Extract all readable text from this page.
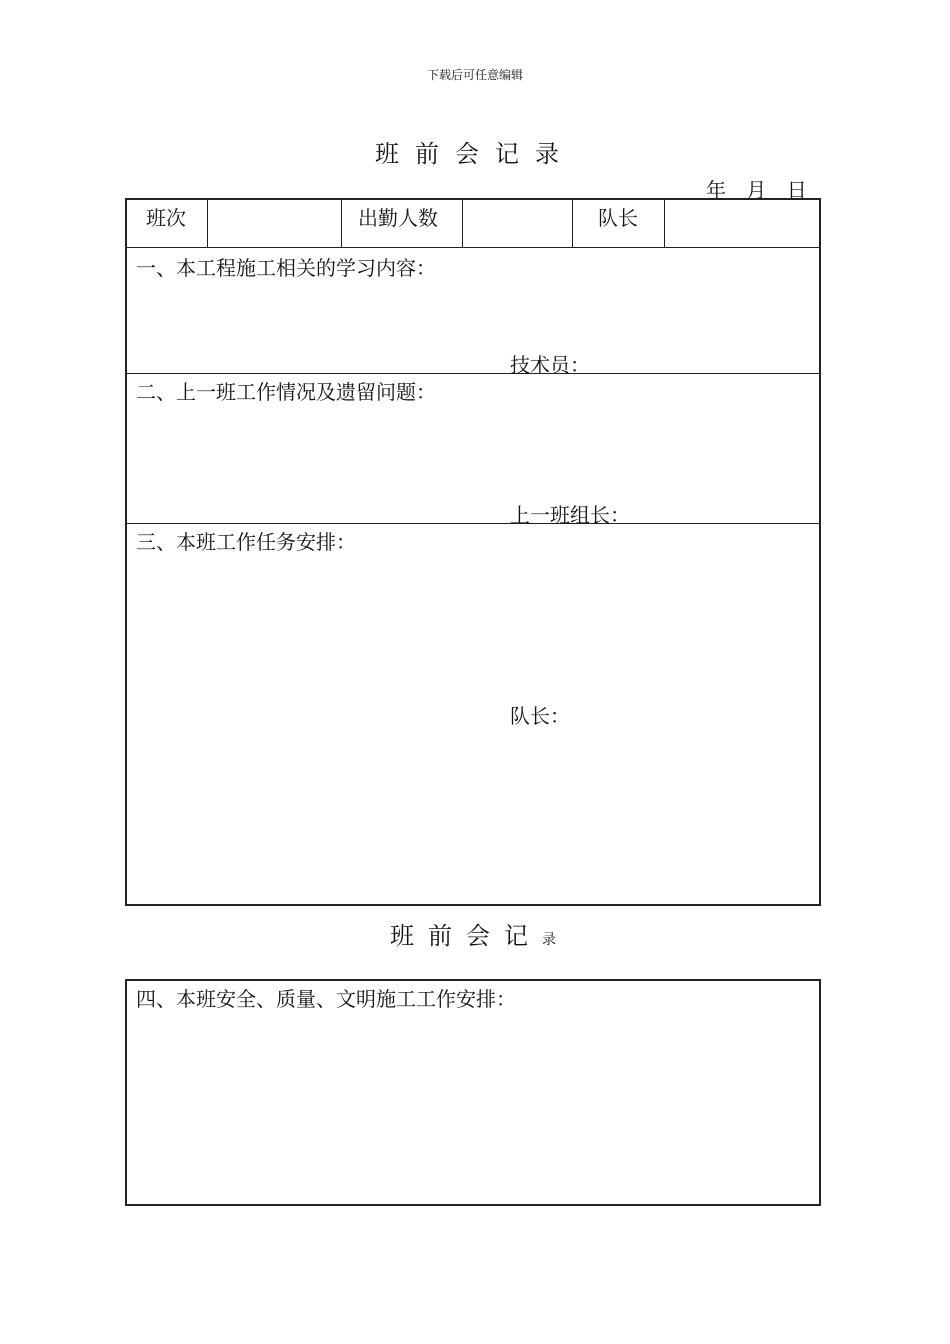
下载后可任意编辑
班前会记录
年 月 日
班次	出勤人数	队长
一、本工程施工相关的学习内容：
技术员：
二、上一班工作情况及遗留问题：
上一班组长：
三、本班工作任务安排：
队长：
班前会记录
四、本班安全、质量、文明施工工作安排：
